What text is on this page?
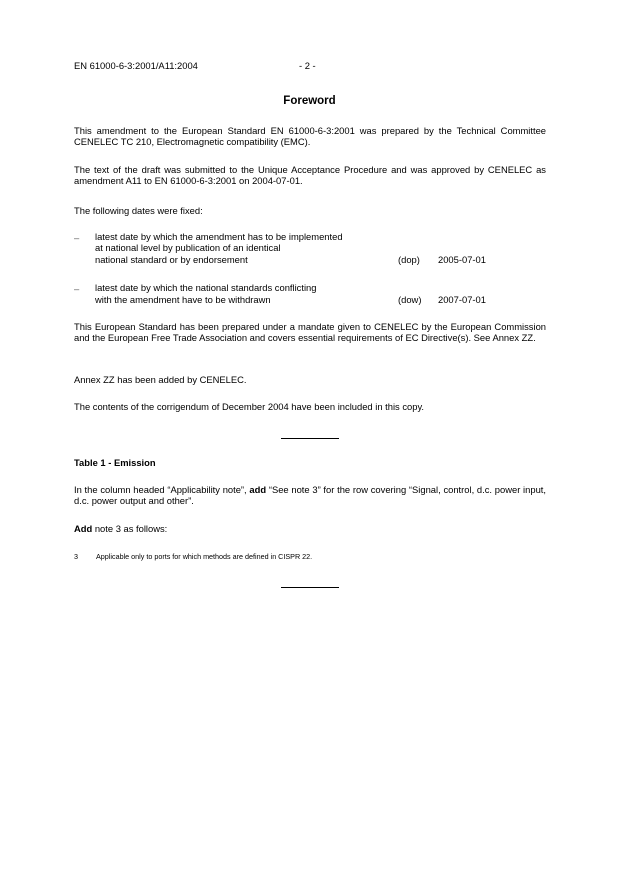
EN 61000-6-3:2001/A11:2004	- 2 -
Foreword
This amendment to the European Standard EN 61000-6-3:2001 was prepared by the Technical Committee CENELEC TC 210, Electromagnetic compatibility (EMC).
The text of the draft was submitted to the Unique Acceptance Procedure and was approved by CENELEC as amendment A11 to EN 61000-6-3:2001 on 2004-07-01.
The following dates were fixed:
– latest date by which the amendment has to be implemented
at national level by publication of an identical
national standard or by endorsement	(dop) 2005-07-01
– latest date by which the national standards conflicting
with the amendment have to be withdrawn	(dow) 2007-07-01
This European Standard has been prepared under a mandate given to CENELEC by the European Commission and the European Free Trade Association and covers essential requirements of EC Directive(s). See Annex ZZ.
Annex ZZ has been added by CENELEC.
The contents of the corrigendum of December 2004 have been included in this copy.
Table 1 - Emission
In the column headed “Applicability note”, add “See note 3” for the row covering “Signal, control, d.c. power input, d.c. power output and other”.
Add note 3 as follows:
3	Applicable only to ports for which methods are defined in CISPR 22.
